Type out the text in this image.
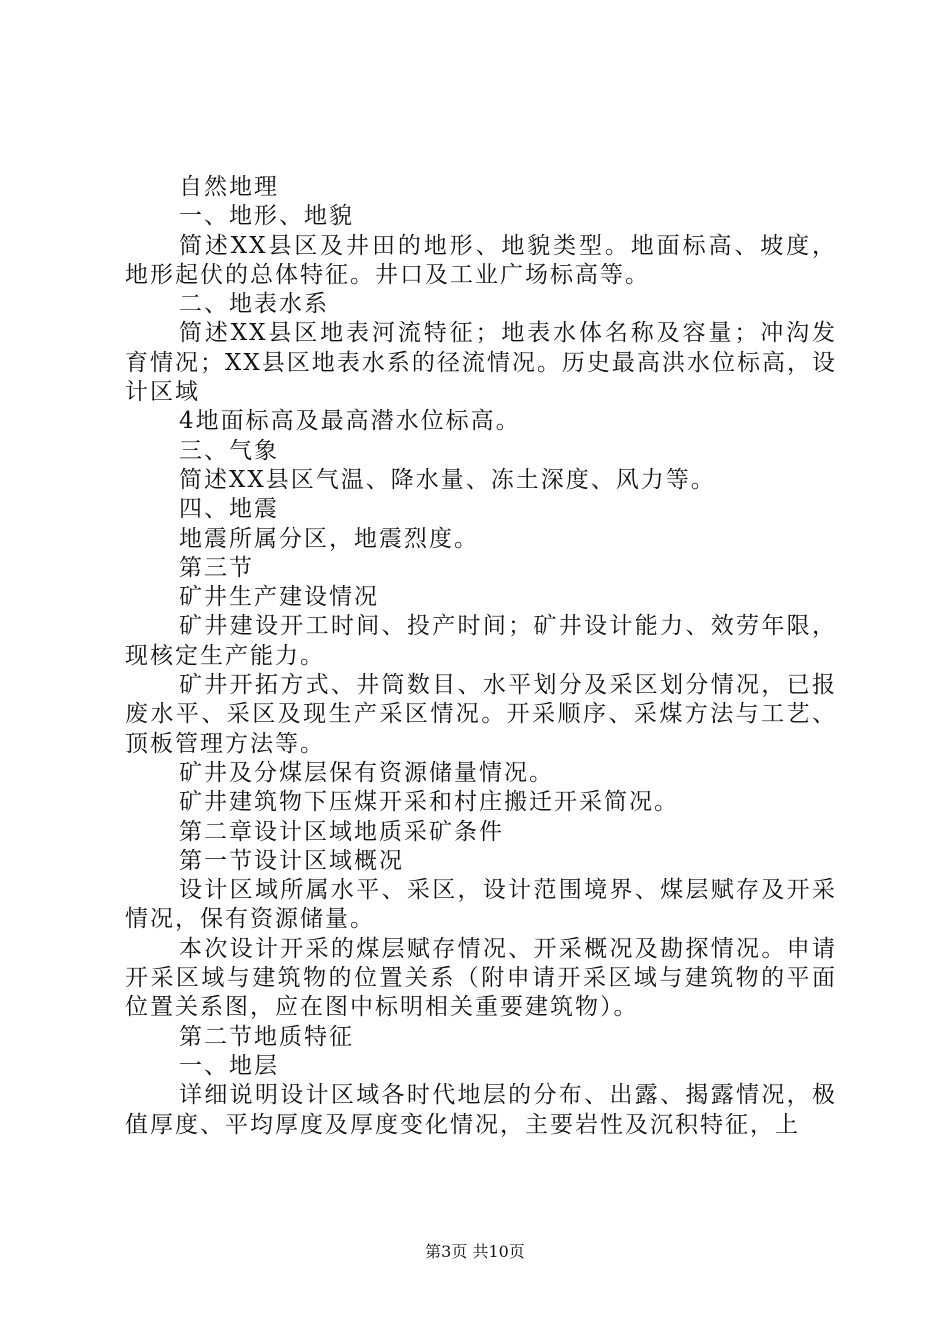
自然地理

一、地形、地貌

简述XX县区及井田的地形、地貌类型。地面标高、坡度，地形起伏的总体特征。井口及工业广场标高等。

二、地表水系

简述XX县区地表河流特征；地表水体名称及容量；冲沟发育情况；XX县区地表水系的径流情况。历史最高洪水位标高，设计区域

4地面标高及最高潜水位标高。

三、气象

简述XX县区气温、降水量、冻土深度、风力等。

四、地震

地震所属分区，地震烈度。

第三节

矿井生产建设情况

矿井建设开工时间、投产时间；矿井设计能力、效劳年限，现核定生产能力。

矿井开拓方式、井筒数目、水平划分及采区划分情况，已报废水平、采区及现生产采区情况。开采顺序、采煤方法与工艺、顶板管理方法等。

矿井及分煤层保有资源储量情况。

矿井建筑物下压煤开采和村庄搬迁开采简况。

第二章设计区域地质采矿条件

第一节设计区域概况

设计区域所属水平、采区，设计范围境界、煤层赋存及开采情况，保有资源储量。

本次设计开采的煤层赋存情况、开采概况及勘探情况。申请开采区域与建筑物的位置关系（附申请开采区域与建筑物的平面位置关系图，应在图中标明相关重要建筑物）。

第二节地质特征

一、地层

详细说明设计区域各时代地层的分布、出露、揭露情况，极值厚度、平均厚度及厚度变化情况，主要岩性及沉积特征，上

第3页 共10页
